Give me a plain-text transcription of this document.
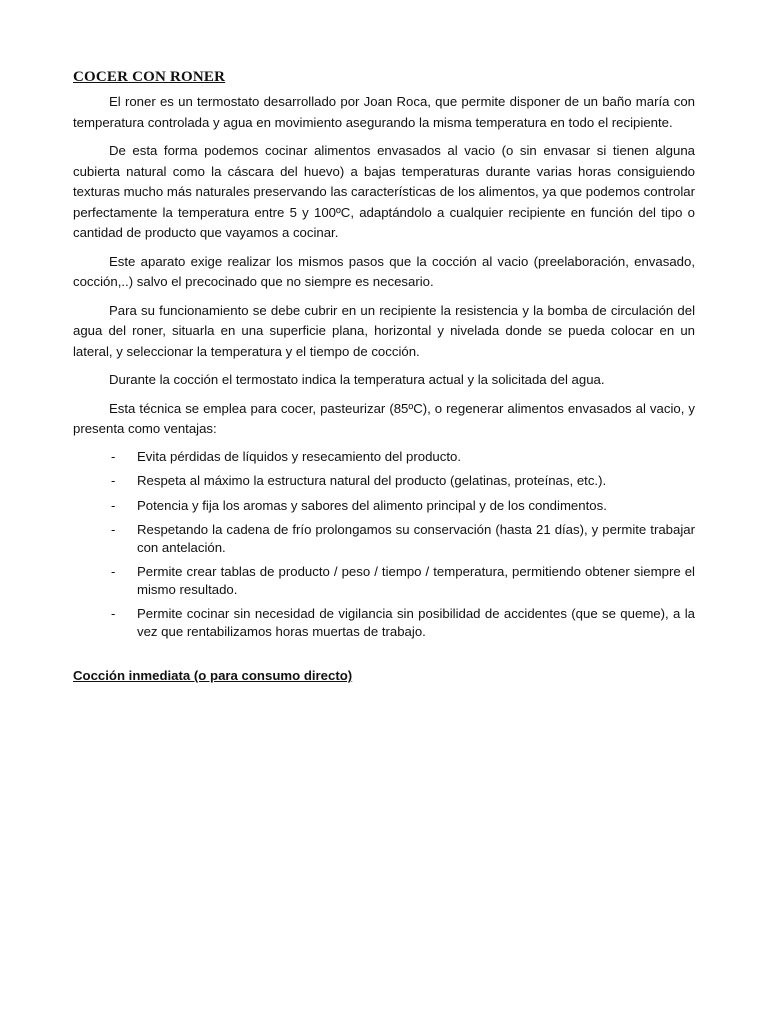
COCER CON RONER

El roner es un termostato desarrollado por Joan Roca, que permite disponer de un baño maría con temperatura controlada y agua en movimiento asegurando la misma temperatura en todo el recipiente.

De esta forma podemos cocinar alimentos envasados al vacio (o sin envasar si tienen alguna cubierta natural como la cáscara del huevo) a bajas temperaturas durante varias horas consiguiendo texturas mucho más naturales preservando las características de los alimentos, ya que podemos controlar perfectamente la temperatura entre 5 y 100ºC, adaptándolo a cualquier recipiente en función del tipo o cantidad de producto que vayamos a cocinar.

Este aparato exige realizar los mismos pasos que la cocción al vacio (preelaboración, envasado, cocción,..) salvo el precocinado que no siempre es necesario.

Para su funcionamiento se debe cubrir en un recipiente la resistencia y la bomba de circulación del agua del roner, situarla en una superficie plana, horizontal y nivelada donde se pueda colocar en un lateral, y seleccionar la temperatura y el tiempo de cocción.

Durante la cocción el termostato indica la temperatura actual y la solicitada del agua.

Esta técnica se emplea para cocer, pasteurizar (85ºC), o regenerar alimentos envasados al vacio, y presenta como ventajas:

- Evita pérdidas de líquidos y resecamiento del producto.
- Respeta al máximo la estructura natural del producto (gelatinas, proteínas, etc.).
- Potencia y fija los aromas y sabores del alimento principal y de los condimentos.
- Respetando la cadena de frío prolongamos su conservación (hasta 21 días), y permite trabajar con antelación.
- Permite crear tablas de producto / peso / tiempo / temperatura, permitiendo obtener siempre el mismo resultado.
- Permite cocinar sin necesidad de vigilancia sin posibilidad de accidentes (que se queme), a la vez que rentabilizamos horas muertas de trabajo.
Cocción inmediata (o para consumo directo)
